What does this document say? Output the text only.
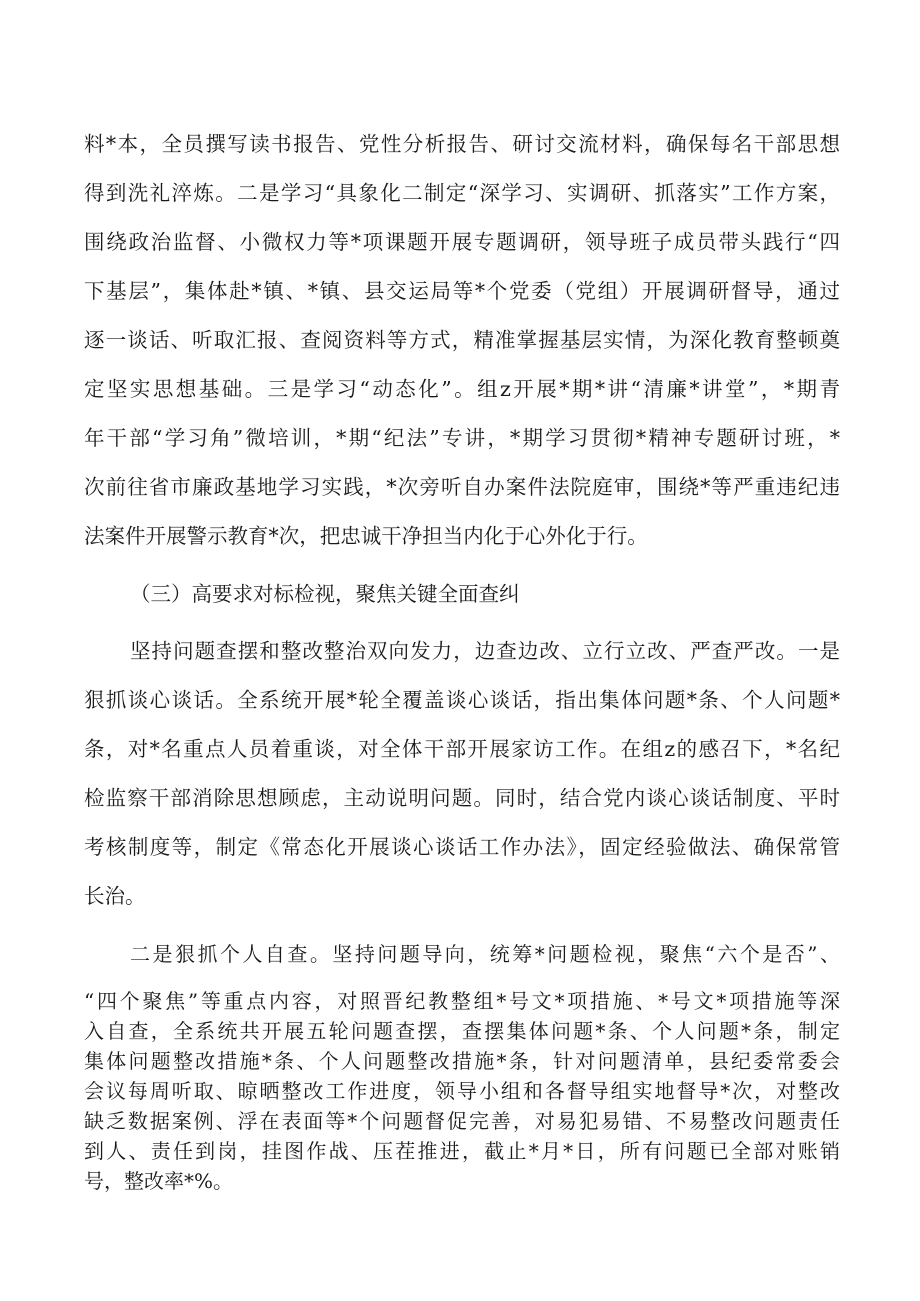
料*本，全员撰写读书报告、党性分析报告、研讨交流材料，确保每名干部思想
得到洗礼淬炼。二是学习“具象化二制定“深学习、实调研、抓落实”工作方案，
围绕政治监督、小微权力等*项课题开展专题调研，领导班子成员带头践行“四
下基层”，集体赴*镇、*镇、县交运局等*个党委（党组）开展调研督导，通过
逐一谈话、听取汇报、查阅资料等方式，精准掌握基层实情，为深化教育整顿奠
定坚实思想基础。三是学习“动态化”。组z开展*期*讲“清廉*讲堂”，*期青
年干部“学习角”微培训，*期“纪法”专讲，*期学习贯彻*精神专题研讨班，*
次前往省市廉政基地学习实践，*次旁听自办案件法院庭审，围绕*等严重违纪违
法案件开展警示教育*次，把忠诚干净担当内化于心外化于行。
（三）高要求对标检视，聚焦关键全面查纠
坚持问题查摆和整改整治双向发力，边查边改、立行立改、严查严改。一是
狠抓谈心谈话。全系统开展*轮全覆盖谈心谈话，指出集体问题*条、个人问题*
条，对*名重点人员着重谈，对全体干部开展家访工作。在组z的感召下，*名纪
检监察干部消除思想顾虑，主动说明问题。同时，结合党内谈心谈话制度、平时
考核制度等，制定《常态化开展谈心谈话工作办法》，固定经验做法、确保常管
长治。
二是狠抓个人自查。坚持问题导向，统筹*问题检视，聚焦“六个是否”、
“四个聚焦”等重点内容，对照晋纪教整组*号文*项措施、*号文*项措施等深
入自查，全系统共开展五轮问题查摆，查摆集体问题*条、个人问题*条，制定
集体问题整改措施*条、个人问题整改措施*条，针对问题清单，县纪委常委会
会议每周听取、晾晒整改工作进度，领导小组和各督导组实地督导*次，对整改
缺乏数据案例、浮在表面等*个问题督促完善，对易犯易错、不易整改问题责任
到人、责任到岗，挂图作战、压茬推进，截止*月*日，所有问题已全部对账销
号，整改率*%。
